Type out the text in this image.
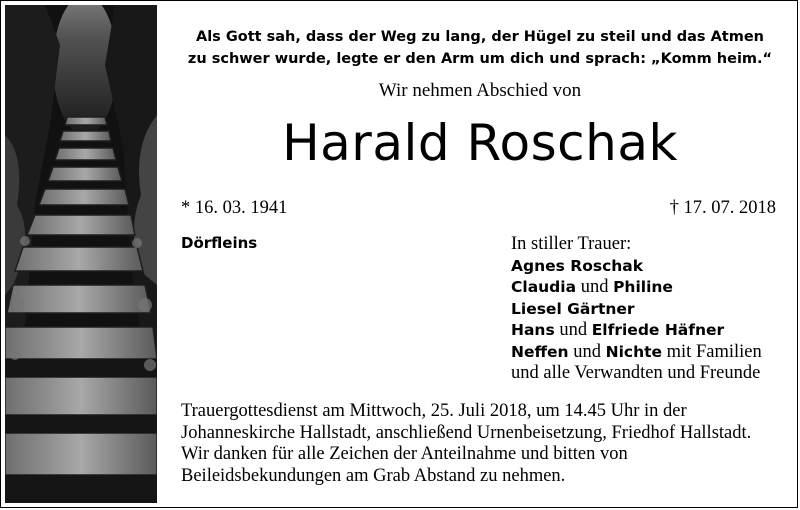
Als Gott sah, dass der Weg zu lang, der Hügel zu steil und das Atmen
zu schwer wurde, legte er den Arm um dich und sprach: „Komm heim.“
Wir nehmen Abschied von
Harald Roschak
* 16. 03. 1941	† 17. 07. 2018
Dörfleins	In stiller Trauer:
Agnes Roschak
Claudia und Philine
Liesel Gärtner
Hans und Elfriede Häfner
Neffen und Nichte mit Familien
und alle Verwandten und Freunde
Trauergottesdienst am Mittwoch, 25. Juli 2018, um 14.45 Uhr in der
Johanneskirche Hallstadt, anschließend Urnenbeisetzung, Friedhof Hallstadt.
Wir danken für alle Zeichen der Anteilnahme und bitten von
Beileidsbekundungen am Grab Abstand zu nehmen.
